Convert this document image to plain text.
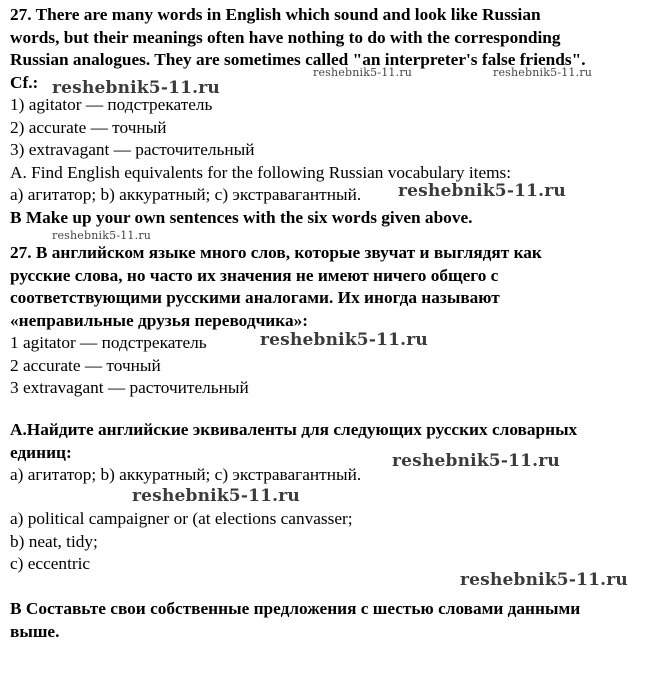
27. There are many words in English which sound and look like Russian

words, but their meanings often have nothing to do with the corresponding

Russian analogues. They are sometimes called "an interpreter's false friends".

Cf.:

1) agitator — подстрекатель

2) accurate — точный

3) extravagant — расточительный

A. Find English equivalents for the following Russian vocabulary items:

a) агитатор; b) аккуратный; c) экстравагантный.

B Make up your own sentences with the six words given above.

27. В английском языке много слов, которые звучат и выглядят как

русские слова, но часто их значения не имеют ничего общего с

соответствующими русскими аналогами. Их иногда называют

«неправильные друзья переводчика»:

1 agitator — подстрекатель

2 accurate — точный

3 extravagant — расточительный

А.Найдите английские эквиваленты для следующих русских словарных

единиц:

а) агитатор; b) аккуратный; с) экстравагантный.

a) political campaigner or (at elections canvasser;

b) neat, tidy;

c) eccentric

В Составьте свои собственные предложения с шестью словами данными

выше.

reshebnik5-11.ru	reshebnik5-11.ru
reshebnik5-11.ru
reshebnik5-11.ru
reshebnik5-11.ru
reshebnik5-11.ru
reshebnik5-11.ru
reshebnik5-11.ru
reshebnik5-11.ru
